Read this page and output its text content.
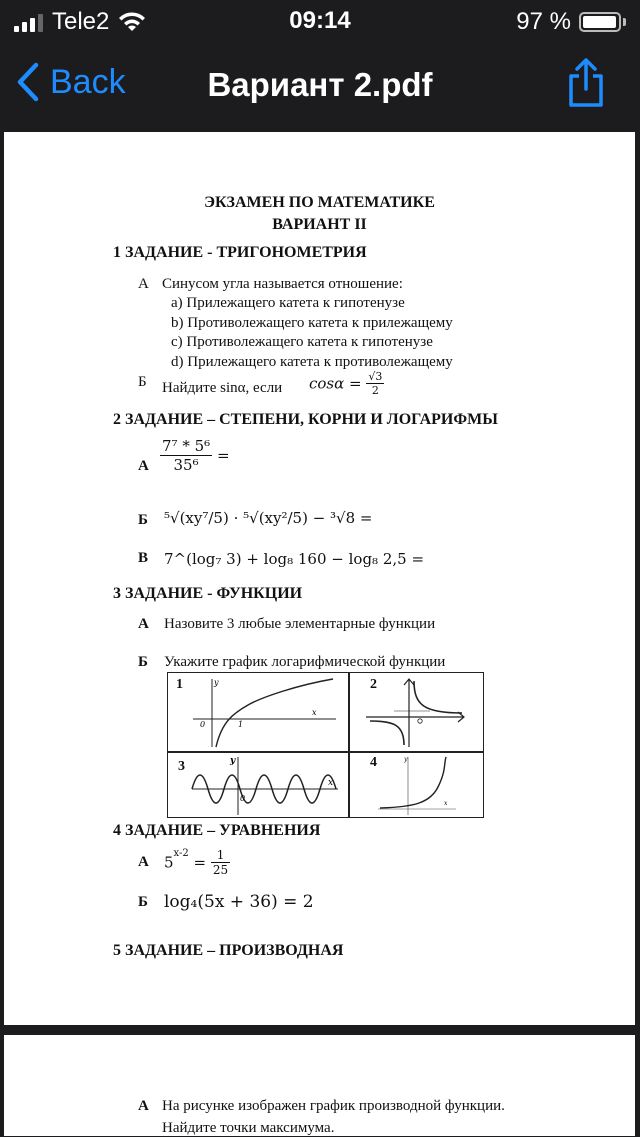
Tele2	09:14	97 %
Back	Вариант 2.pdf
ЭКЗАМЕН ПО МАТЕМАТИКЕ
ВАРИАНТ II
1 ЗАДАНИЕ - ТРИГОНОМЕТРИЯ
А Синусом угла называется отношение:
a) Прилежащего катета к гипотенузе
b) Противолежащего катета к прилежащему
c) Противолежащего катета к гипотенузе
d) Прилежащего катета к противолежащему
Б Найдите sinα, если $\cos\alpha = \frac{√3}{2}$
2 ЗАДАНИЕ – СТЕПЕНИ, КОРНИ И ЛОГАРИФМЫ
А $\frac{\text{7⁷ * 5⁶}}{\text{35⁶}}$ =
Б ⁵√(xy⁷/5) · ⁵√(xy²/5) − ³√8 =
В 7^(log₇ 3) + log₈ 160 − log₈ 2,5 =
3 ЗАДАНИЕ - ФУНКЦИИ
А Назовите 3 любые элементарные функции
Б Укажите график логарифмической функции
1	2
3	4
y
x
0	1
y
x
0
y
x
4 ЗАДАНИЕ – УРАВНЕНИЯ
А $5^{x-2} = \frac{1}{25}$
Б log₄(5x + 36) = 2
5 ЗАДАНИЕ – ПРОИЗВОДНАЯ
А На рисунке изображен график производной функции.
Найдите точки максимума.
